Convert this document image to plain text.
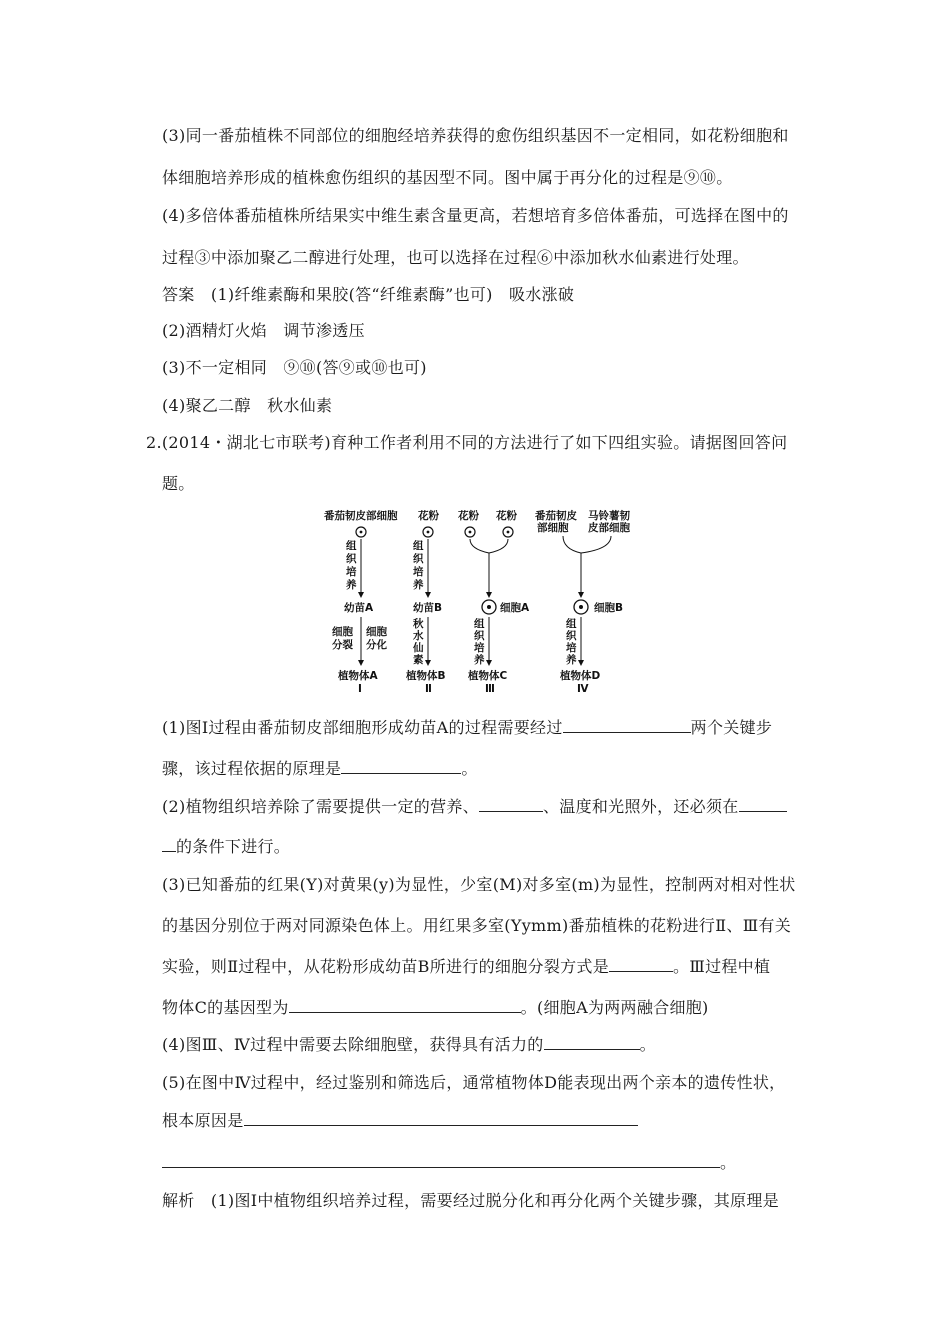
(3)同一番茄植株不同部位的细胞经培养获得的愈伤组织基因不一定相同，如花粉细胞和
体细胞培养形成的植株愈伤组织的基因型不同。图中属于再分化的过程是⑨⑩。
(4)多倍体番茄植株所结果实中维生素含量更高，若想培育多倍体番茄，可选择在图中的
过程③中添加聚乙二醇进行处理，也可以选择在过程⑥中添加秋水仙素进行处理。
答案　(1)纤维素酶和果胶(答“纤维素酶”也可)　吸水涨破
(2)酒精灯火焰　调节渗透压
(3)不一定相同　⑨⑩(答⑨或⑩也可)
(4)聚乙二醇　秋水仙素
2.(2014・湖北七市联考)育种工作者利用不同的方法进行了如下四组实验。请据图回答问
题。
番茄韧皮部细胞
组
织
培
养
幼苗A
细胞
分裂
细胞
分化
植物体A
Ⅰ
花粉
组
织
培
养
幼苗B
秋
水
仙
素
植物体B
Ⅱ
花粉 花粉
细胞A
组
织
培
养
植物体C
Ⅲ
番茄韧皮
部细胞
马铃薯韧
皮部细胞
细胞B
组
织
培
养
植物体D
Ⅳ
(1)图Ⅰ过程由番茄韧皮部细胞形成幼苗A的过程需要经过	两个关键步
骤，该过程依据的原理是	。
(2)植物组织培养除了需要提供一定的营养、	、温度和光照外，还必须在
的条件下进行。
(3)已知番茄的红果(Y)对黄果(y)为显性，少室(M)对多室(m)为显性，控制两对相对性状
的基因分别位于两对同源染色体上。用红果多室(Yymm)番茄植株的花粉进行Ⅱ、Ⅲ有关
实验，则Ⅱ过程中，从花粉形成幼苗B所进行的细胞分裂方式是	。Ⅲ过程中植
物体C的基因型为	。(细胞A为两两融合细胞)
(4)图Ⅲ、Ⅳ过程中需要去除细胞壁，获得具有活力的	。
(5)在图中Ⅳ过程中，经过鉴别和筛选后，通常植物体D能表现出两个亲本的遗传性状，
根本原因是
。
解析　(1)图Ⅰ中植物组织培养过程，需要经过脱分化和再分化两个关键步骤，其原理是
